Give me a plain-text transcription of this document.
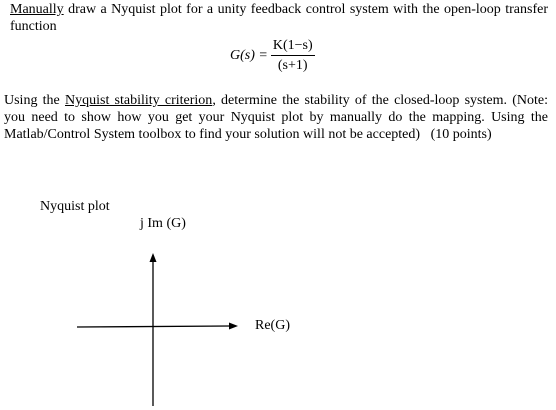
Manually draw a Nyquist plot for a unity feedback control system with the open-loop transfer function
$G(s) = \frac{K(1-s)}{(s+1)}$
Using the Nyquist stability criterion, determine the stability of the closed-loop system. (Note: you need to show how you get your Nyquist plot by manually do the mapping. Using the Matlab/Control System toolbox to find your solution will not be accepted) (10 points)
Nyquist plot
j Im (G)
Re(G)
